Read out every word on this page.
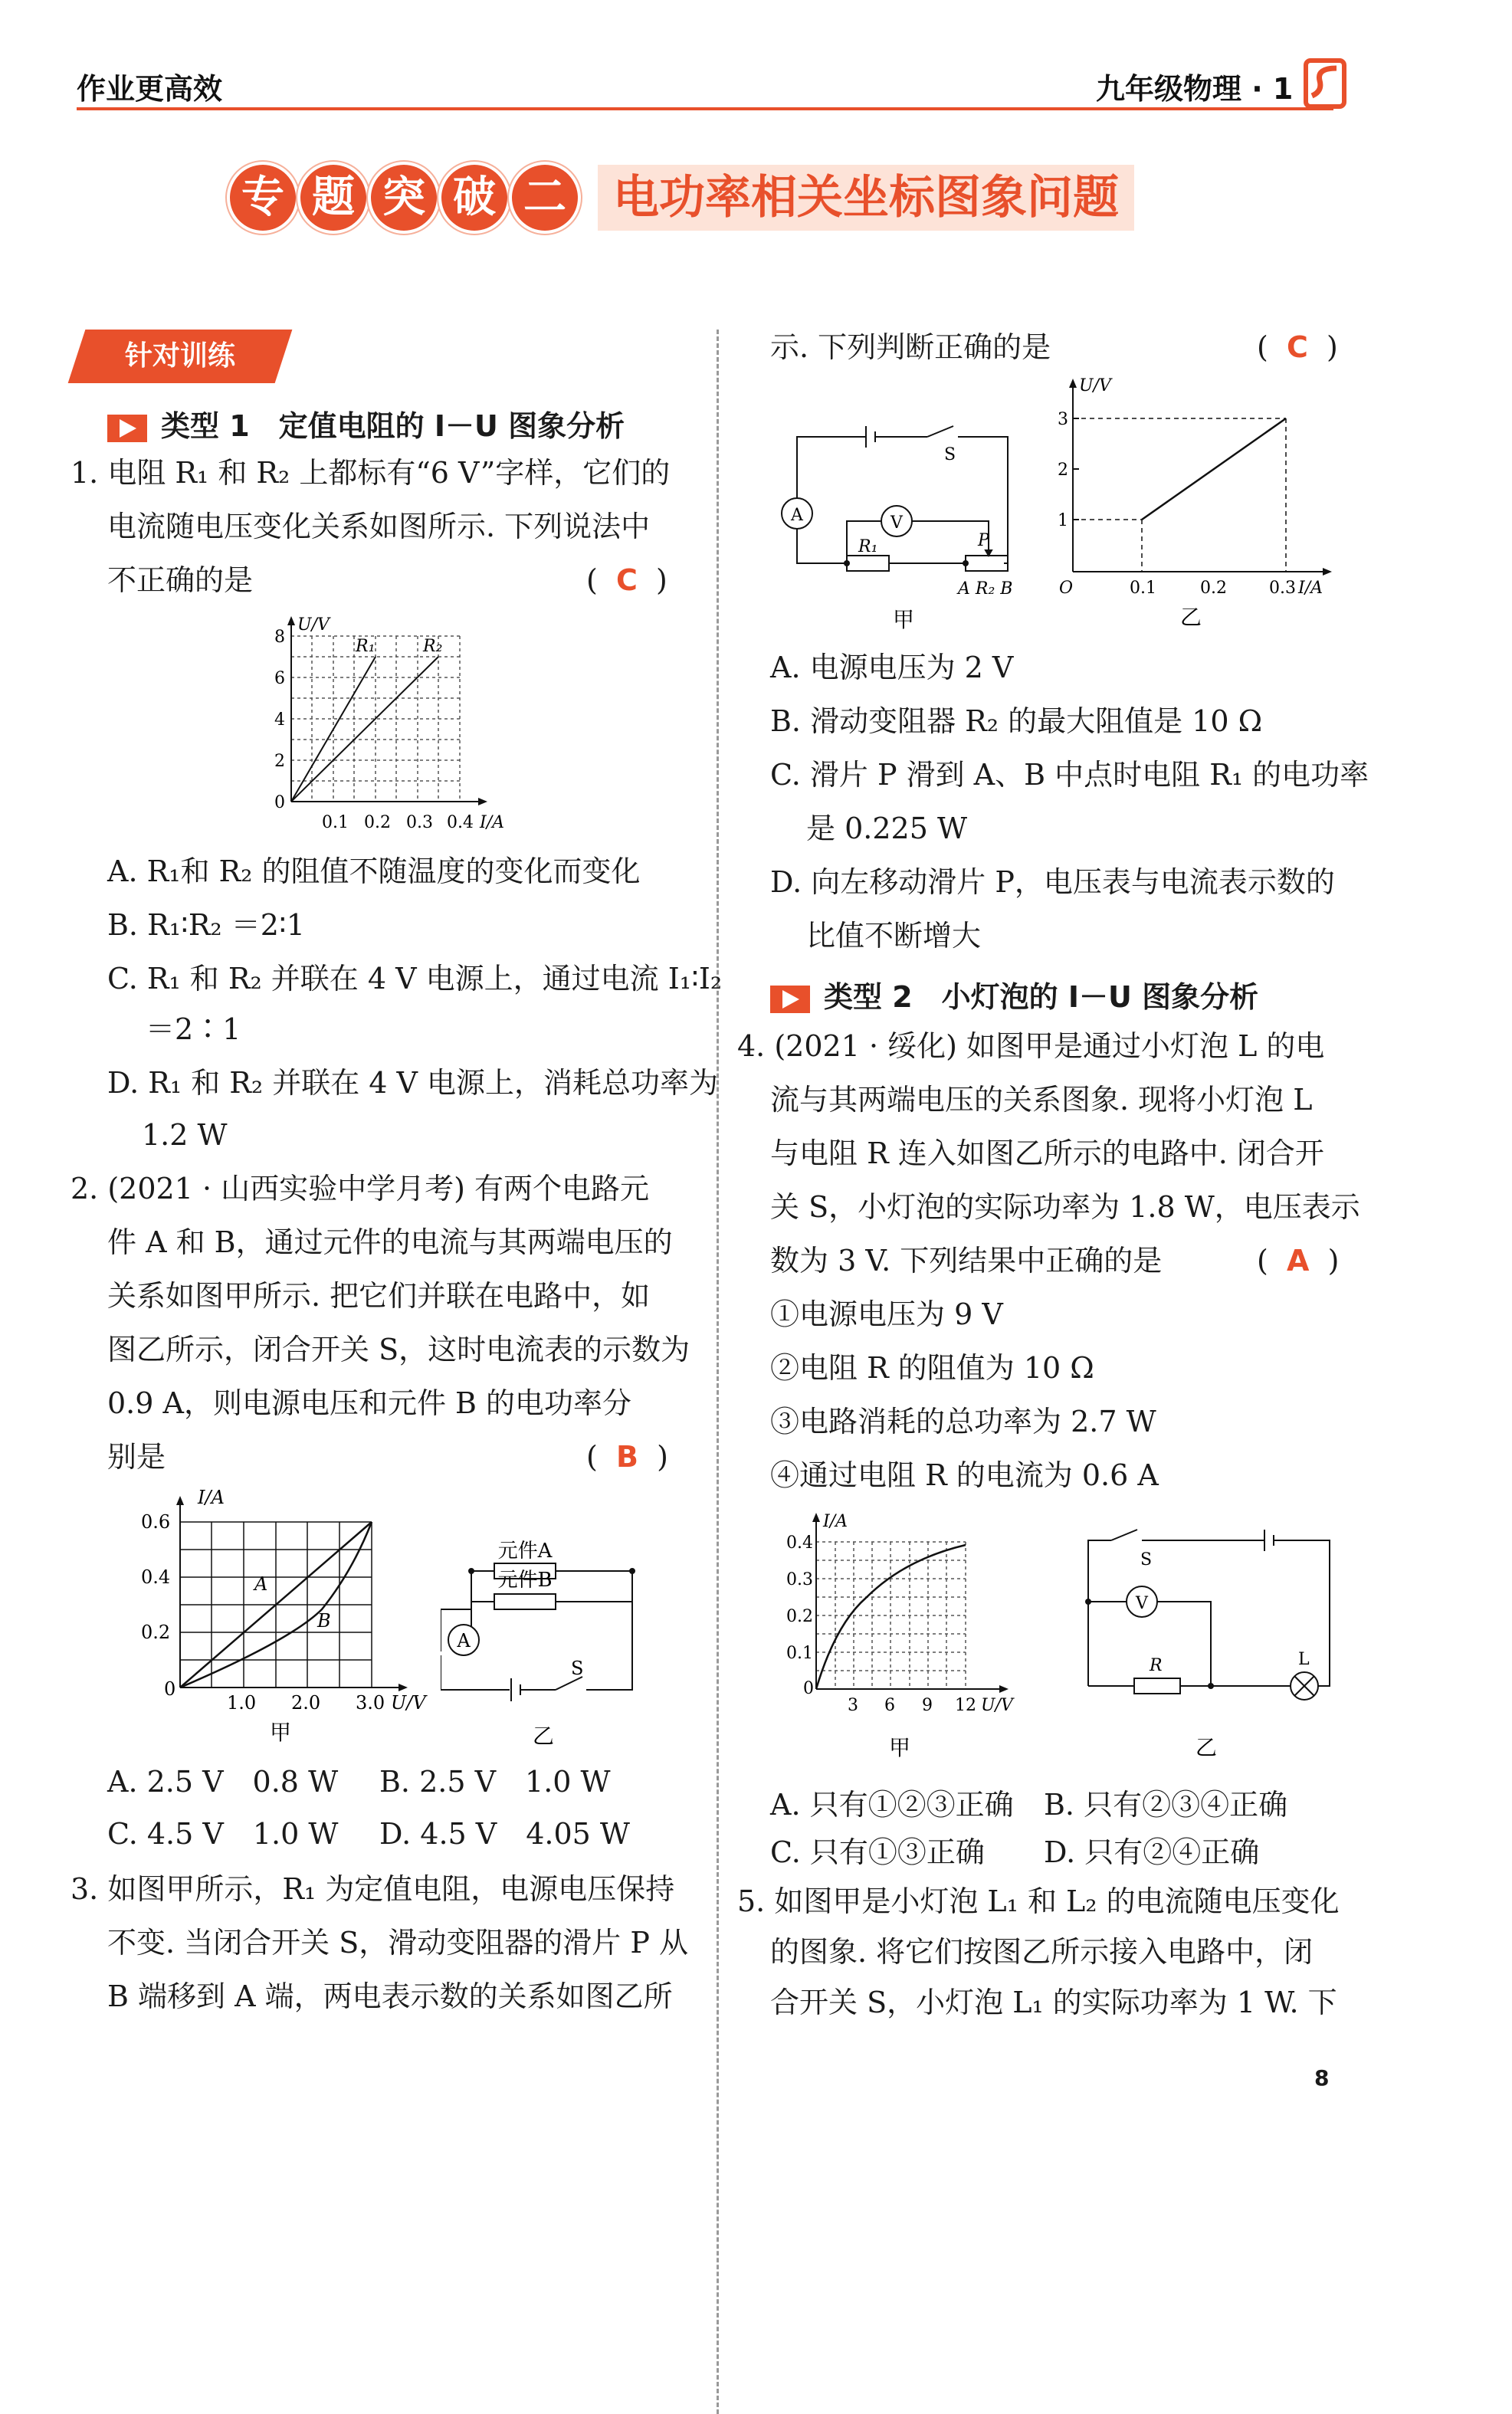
作业更高效	九年级物理 · 1
专 题 突 破 二	电功率相关坐标图象问题
针对训练
类型 1　定值电阻的 I－U 图象分析
1. 电阻 R₁ 和 R₂ 上都标有“6 V”字样，它们的
电流随电压变化关系如图所示. 下列说法中
不正确的是	(  C  )
U/V
R₁	R₂
8
6
4
2
0
0.1 0.2 0.3 0.4 I/A
A. R₁和 R₂ 的阻值不随温度的变化而变化
B. R₁∶R₂ ＝2∶1
C. R₁ 和 R₂ 并联在 4 V 电源上，通过电流 I₁∶I₂
＝2∶1
D. R₁ 和 R₂ 并联在 4 V 电源上，消耗总功率为
1.2 W
2. (2021 · 山西实验中学月考) 有两个电路元
件 A 和 B，通过元件的电流与其两端电压的
关系如图甲所示. 把它们并联在电路中，如
图乙所示，闭合开关 S，这时电流表的示数为
0.9 A，则电源电压和元件 B 的电功率分
别是	(  B  )
I/A
A
B
0.6
0.4
0.2
0
1.0 2.0 3.0 U/V
甲
元件A
元件B
S
乙
A
A. 2.5 V　0.8 W B. 2.5 V　1.0 W
C. 4.5 V　1.0 W D. 4.5 V　4.05 W
3. 如图甲所示，R₁ 为定值电阻，电源电压保持
不变. 当闭合开关 S，滑动变阻器的滑片 P 从
B 端移到 A 端，两电表示数的关系如图乙所
示. 下列判断正确的是	(  C  )
A	V
S
R₁	P
A R₂ B
甲
U/V
3
2
1
O	0.1	0.2	0.3 I/A
乙
A. 电源电压为 2 V
B. 滑动变阻器 R₂ 的最大阻值是 10 Ω
C. 滑片 P 滑到 A、B 中点时电阻 R₁ 的电功率
是 0.225 W
D. 向左移动滑片 P，电压表与电流表示数的
比值不断增大
类型 2　小灯泡的 I－U 图象分析
4. (2021 · 绥化) 如图甲是通过小灯泡 L 的电
流与其两端电压的关系图象. 现将小灯泡 L
与电阻 R 连入如图乙所示的电路中. 闭合开
关 S，小灯泡的实际功率为 1.8 W，电压表示
数为 3 V. 下列结果中正确的是	(  A  )
①电源电压为 9 V
②电阻 R 的阻值为 10 Ω
③电路消耗的总功率为 2.7 W
④通过电阻 R 的电流为 0.6 A
I/A
0.4
0.3
0.2
0.1
0
3 6 9 12 U/V
甲
V
S
R	L
乙
A. 只有①②③正确 B. 只有②③④正确
C. 只有①③正确 D. 只有②④正确
5. 如图甲是小灯泡 L₁ 和 L₂ 的电流随电压变化
的图象. 将它们按图乙所示接入电路中，闭
合开关 S，小灯泡 L₁ 的实际功率为 1 W. 下
8
